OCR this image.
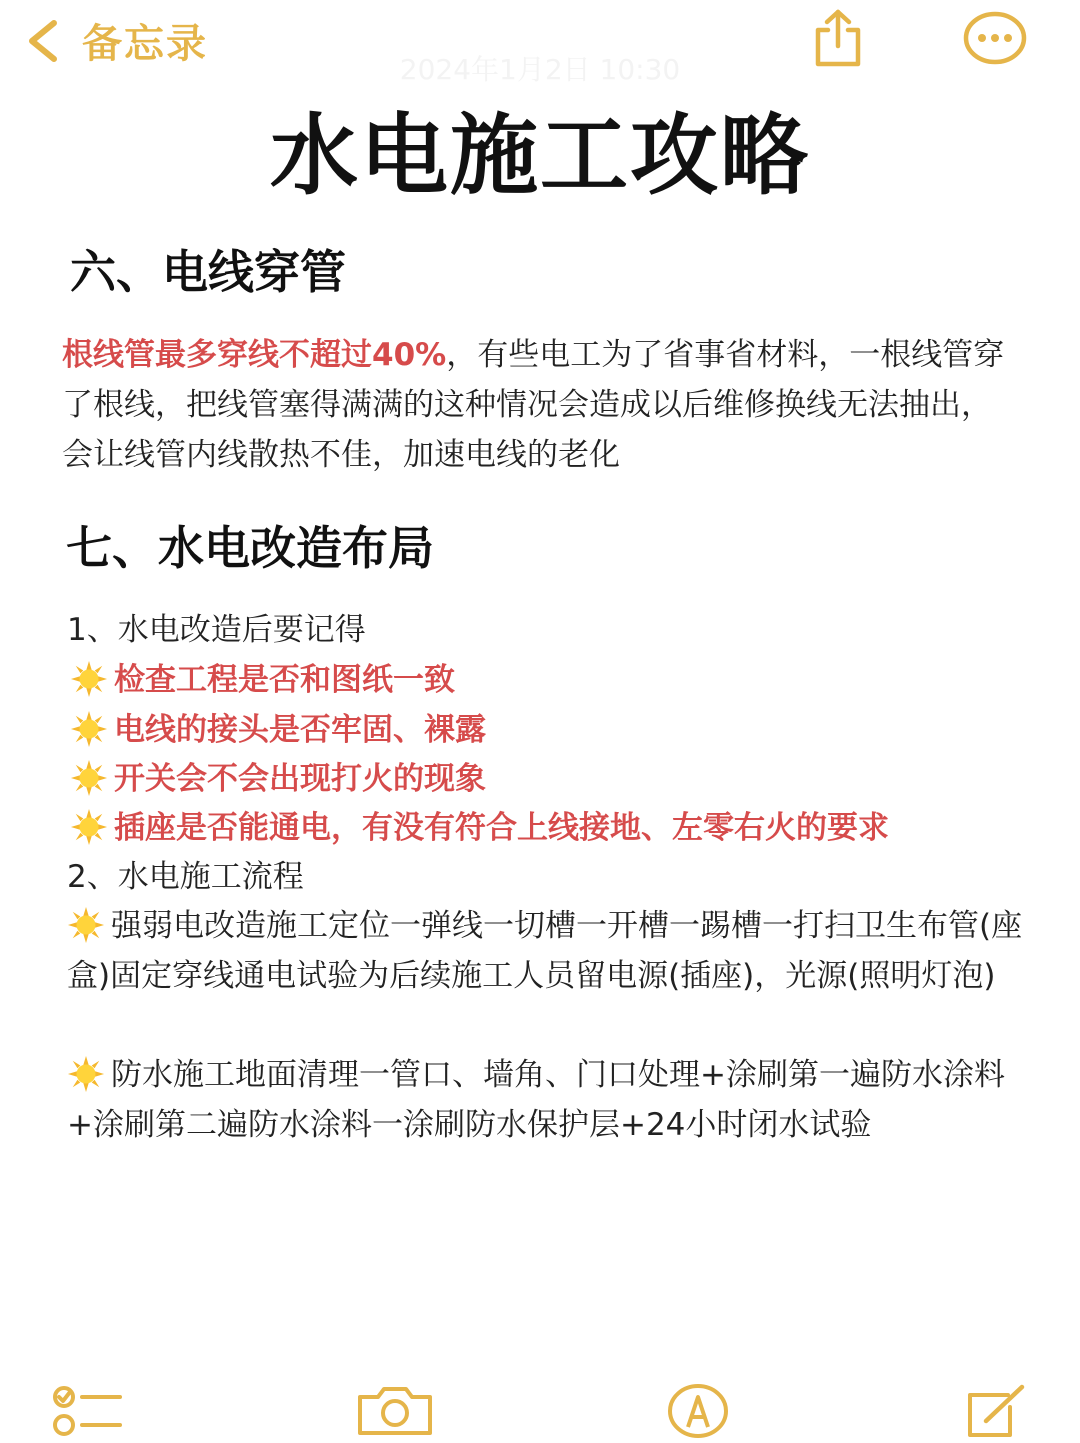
备忘录
2024年1月2日 10:30
水电施工攻略
六、电线穿管

根线管最多穿线不超过40%，有些电工为了省事省材料，一根线管穿了根线，把线管塞得满满的这种情况会造成以后维修换线无法抽出，会让线管内线散热不佳，加速电线的老化

七、水电改造布局

1、水电改造后要记得

检查工程是否和图纸一致

电线的接头是否牢固、裸露

开关会不会出现打火的现象

插座是否能通电，有没有符合上线接地、左零右火的要求

2、水电施工流程

强弱电改造施工定位一弹线一切槽一开槽一踢槽一打扫卫生布管(座盒)固定穿线通电试验为后续施工人员留电源(插座)，光源(照明灯泡)

防水施工地面清理一管口、墙角、门口处理+涂刷第一遍防水涂料+涂刷第二遍防水涂料一涂刷防水保护层+24小时闭水试验
